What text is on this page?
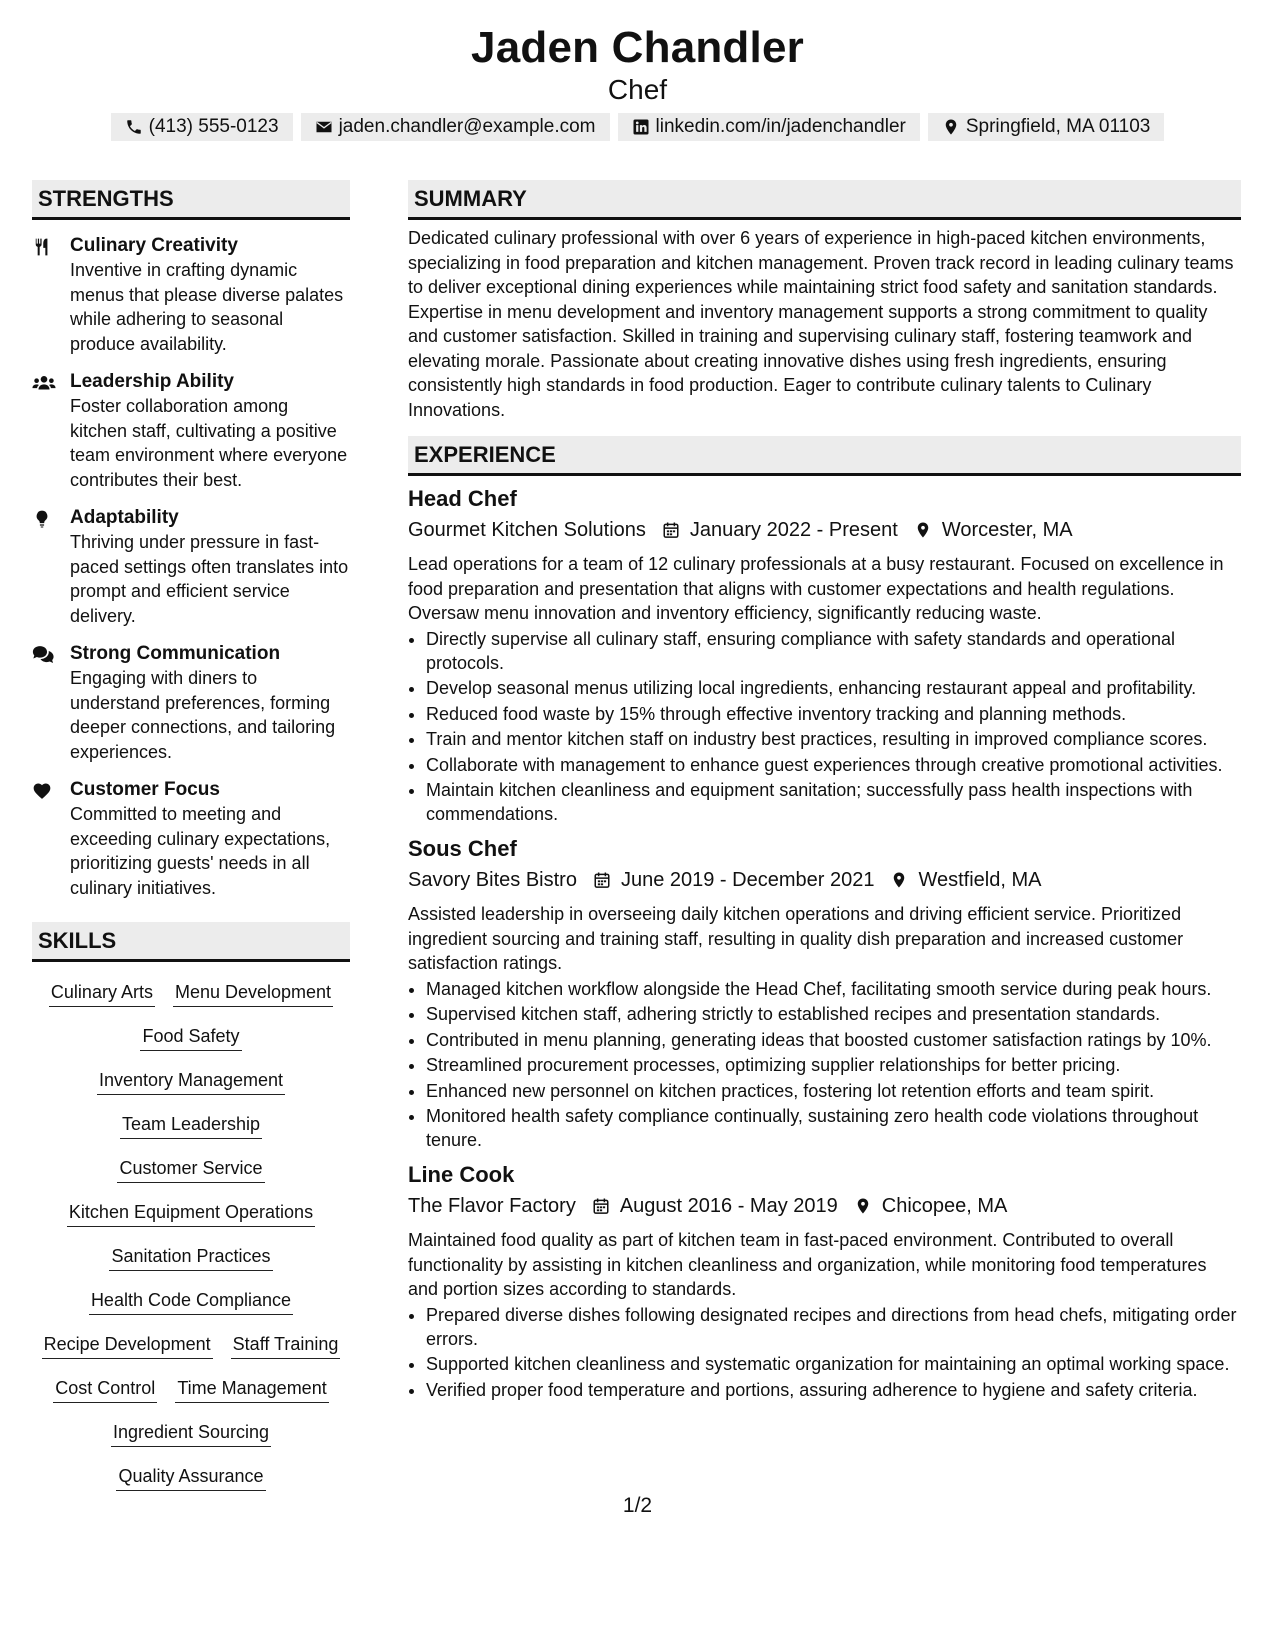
Jaden Chandler
Chef
(413) 555-0123	jaden.chandler@example.com	linkedin.com/in/jadenchandler	Springfield, MA 01103
STRENGTHS
Culinary Creativity
Inventive in crafting dynamic menus that please diverse palates while adhering to seasonal produce availability.
Leadership Ability
Foster collaboration among kitchen staff, cultivating a positive team environment where everyone contributes their best.
Adaptability
Thriving under pressure in fast-paced settings often translates into prompt and efficient service delivery.
Strong Communication
Engaging with diners to understand preferences, forming deeper connections, and tailoring experiences.
Customer Focus
Committed to meeting and exceeding culinary expectations, prioritizing guests' needs in all culinary initiatives.
SKILLS
Culinary Arts Menu Development
Food Safety
Inventory Management
Team Leadership
Customer Service
Kitchen Equipment Operations
Sanitation Practices
Health Code Compliance
Recipe Development Staff Training
Cost Control Time Management
Ingredient Sourcing
Quality Assurance
SUMMARY
Dedicated culinary professional with over 6 years of experience in high-paced kitchen environments, specializing in food preparation and kitchen management. Proven track record in leading culinary teams to deliver exceptional dining experiences while maintaining strict food safety and sanitation standards. Expertise in menu development and inventory management supports a strong commitment to quality and customer satisfaction. Skilled in training and supervising culinary staff, fostering teamwork and elevating morale. Passionate about creating innovative dishes using fresh ingredients, ensuring consistently high standards in food production. Eager to contribute culinary talents to Culinary Innovations.
EXPERIENCE
Head Chef
Gourmet Kitchen Solutions January 2022 - Present Worcester, MA
Lead operations for a team of 12 culinary professionals at a busy restaurant. Focused on excellence in food preparation and presentation that aligns with customer expectations and health regulations. Oversaw menu innovation and inventory efficiency, significantly reducing waste.
• Directly supervise all culinary staff, ensuring compliance with safety standards and operational protocols.
• Develop seasonal menus utilizing local ingredients, enhancing restaurant appeal and profitability.
• Reduced food waste by 15% through effective inventory tracking and planning methods.
• Train and mentor kitchen staff on industry best practices, resulting in improved compliance scores.
• Collaborate with management to enhance guest experiences through creative promotional activities.
• Maintain kitchen cleanliness and equipment sanitation; successfully pass health inspections with commendations.
Sous Chef
Savory Bites Bistro June 2019 - December 2021 Westfield, MA
Assisted leadership in overseeing daily kitchen operations and driving efficient service. Prioritized ingredient sourcing and training staff, resulting in quality dish preparation and increased customer satisfaction ratings.
• Managed kitchen workflow alongside the Head Chef, facilitating smooth service during peak hours.
• Supervised kitchen staff, adhering strictly to established recipes and presentation standards.
• Contributed in menu planning, generating ideas that boosted customer satisfaction ratings by 10%.
• Streamlined procurement processes, optimizing supplier relationships for better pricing.
• Enhanced new personnel on kitchen practices, fostering lot retention efforts and team spirit.
• Monitored health safety compliance continually, sustaining zero health code violations throughout tenure.
Line Cook
The Flavor Factory August 2016 - May 2019 Chicopee, MA
Maintained food quality as part of kitchen team in fast-paced environment. Contributed to overall functionality by assisting in kitchen cleanliness and organization, while monitoring food temperatures and portion sizes according to standards.
• Prepared diverse dishes following designated recipes and directions from head chefs, mitigating order errors.
• Supported kitchen cleanliness and systematic organization for maintaining an optimal working space.
• Verified proper food temperature and portions, assuring adherence to hygiene and safety criteria.
1/2
